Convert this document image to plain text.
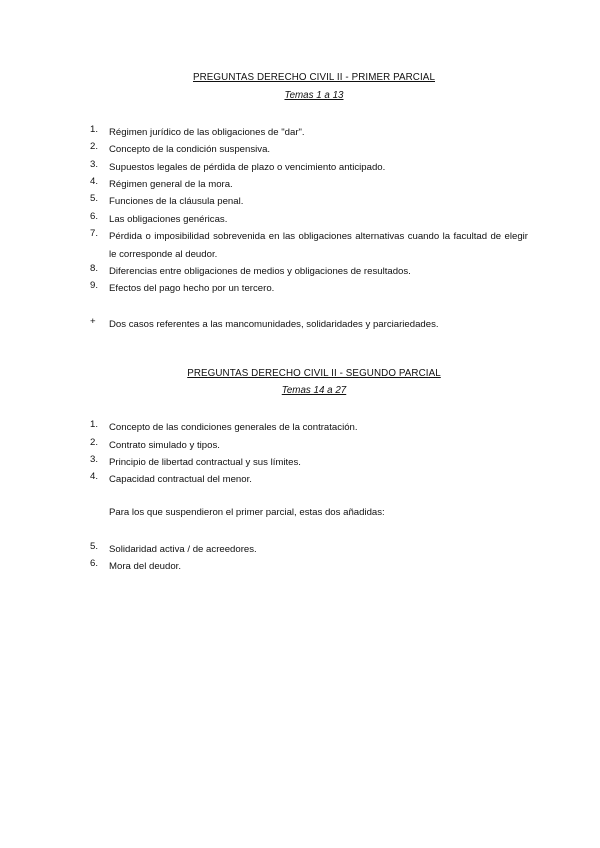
PREGUNTAS DERECHO CIVIL II - PRIMER PARCIAL
Temas 1 a 13
1.	Régimen jurídico de las obligaciones de "dar".
2.	Concepto de la condición suspensiva.
3.	Supuestos legales de pérdida de plazo o vencimiento anticipado.
4.	Régimen general de la mora.
5.	Funciones de la cláusula penal.
6.	Las obligaciones genéricas.
7.	Pérdida o imposibilidad sobrevenida en las obligaciones alternativas cuando la facultad de elegir le corresponde al deudor.
8.	Diferencias entre obligaciones de medios y obligaciones de resultados.
9.	Efectos del pago hecho por un tercero.
+	Dos casos referentes a las mancomunidades, solidaridades y parciariedades.
PREGUNTAS DERECHO CIVIL II - SEGUNDO PARCIAL
Temas 14 a 27
1.	Concepto de las condiciones generales de la contratación.
2.	Contrato simulado y tipos.
3.	Principio de libertad contractual y sus límites.
4.	Capacidad contractual del menor.
Para los que suspendieron el primer parcial, estas dos añadidas:
5.	Solidaridad activa / de acreedores.
6.	Mora del deudor.
